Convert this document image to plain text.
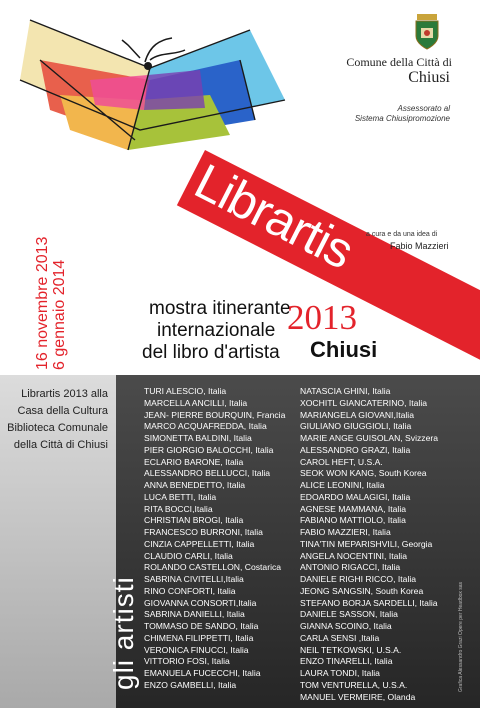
Comune della Città di
Chiusi
Assessorato al
Sistema Chiusipromozione
Librartis a cura e da una idea di
Fabio Mazzieri
16 novembre 2013 6 gennaio 2014	mostra itinerante
internazionale
del libro d'artista
2013
Chiusi
Librartis 2013 alla
Casa della Cultura
Biblioteca Comunale
della Città di Chiusi
gli artisti
TURI ALESCIO, Italia
MARCELLA ANCILLI, Italia
JEAN- PIERRE BOURQUIN, Francia
MARCO ACQUAFREDDA, Italia
SIMONETTA BALDINI, Italia
PIER GIORGIO BALOCCHI, Italia
ECLARIO BARONE, Italia
ALESSANDRO BELLUCCI, Italia
ANNA BENEDETTO, Italia
LUCA BETTI, Italia
RITA BOCCI,Italia
CHRISTIAN BROGI, Italia
FRANCESCO BURRONI, Italia
CINZIA CAPPELLETTI, Italia
CLAUDIO CARLI, Italia
ROLANDO CASTELLON, Costarica
SABRINA CIVITELLI,Italia
RINO CONFORTI, Italia
GIOVANNA CONSORTI,Italia
SABRINA DANIELLI, Italia
TOMMASO DE SANDO, Italia
CHIMENA FILIPPETTI, Italia
VERONICA FINUCCI, Italia
VITTORIO FOSI, Italia
EMANUELA FUCECCHI, Italia
ENZO GAMBELLI, Italia
NATASCIA GHINI, Italia
XOCHITL GIANCATERINO, Italia
MARIANGELA GIOVANI,Italia
GIULIANO GIUGGIOLI, Italia
MARIE ANGE GUISOLAN, Svizzera
ALESSANDRO GRAZI, Italia
CAROL HEFT, U.S.A.
SEOK WON KANG, South Korea
ALICE LEONINI, Italia
EDOARDO MALAGIGI, Italia
AGNESE MAMMANA, Italia
FABIANO MATTIOLO, Italia
FABIO MAZZIERI, Italia
TINA'TIN MEPARISHVILI, Georgia
ANGELA NOCENTINI, Italia
ANTONIO RIGACCI, Italia
DANIELE RIGHI RICCO, Italia
JEONG SANGSIN, South Korea
STEFANO BORJA SARDELLI, Italia
DANIELE SASSON, Italia
GIANNA SCOINO, Italia
CARLA SENSI ,Italia
NEIL TETKOWSKI, U.S.A.
ENZO TINARELLI, Italia
LAURA TONDI, Italia
TOM VENTURELLA, U.S.A.
MANUEL VERMEIRE, Olanda
Grafica Alessandro Grazi Opere per Headbox sas
